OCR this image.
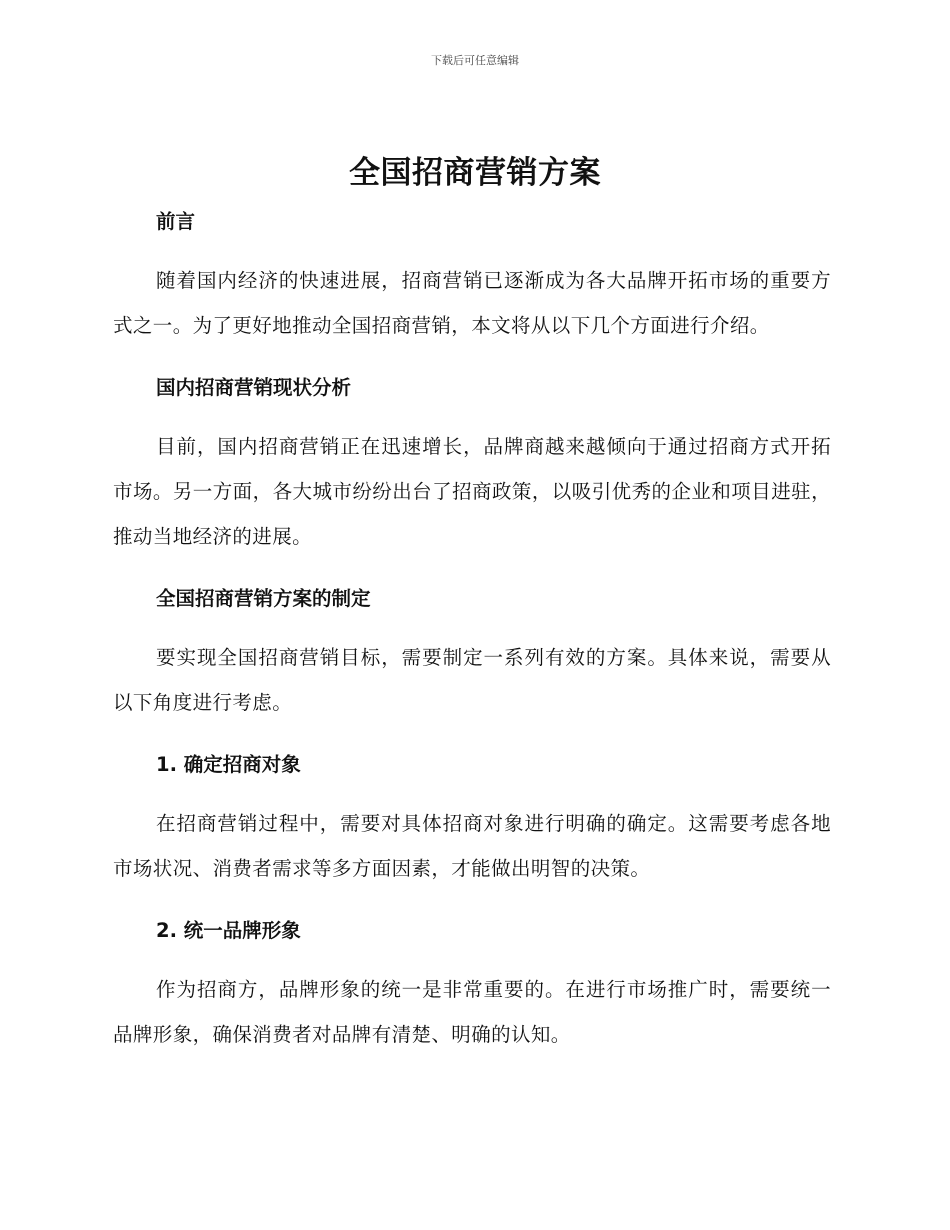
下载后可任意编辑
全国招商营销方案
前言

随着国内经济的快速进展，招商营销已逐渐成为各大品牌开拓市场的重要方式之一。为了更好地推动全国招商营销，本文将从以下几个方面进行介绍。

国内招商营销现状分析

目前，国内招商营销正在迅速增长，品牌商越来越倾向于通过招商方式开拓市场。另一方面，各大城市纷纷出台了招商政策，以吸引优秀的企业和项目进驻，推动当地经济的进展。

全国招商营销方案的制定

要实现全国招商营销目标，需要制定一系列有效的方案。具体来说，需要从以下角度进行考虑。

1. 确定招商对象

在招商营销过程中，需要对具体招商对象进行明确的确定。这需要考虑各地市场状况、消费者需求等多方面因素，才能做出明智的决策。

2. 统一品牌形象

作为招商方，品牌形象的统一是非常重要的。在进行市场推广时，需要统一品牌形象，确保消费者对品牌有清楚、明确的认知。
